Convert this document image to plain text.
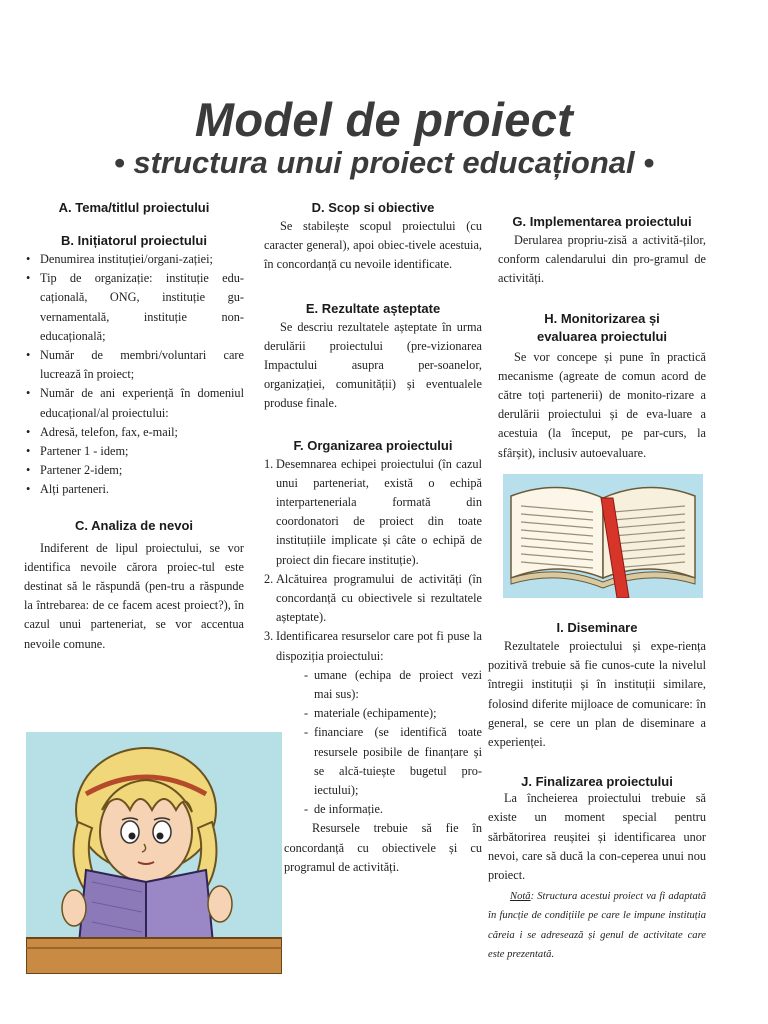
Model de proiect
• structura unui proiect educațional •

A. Tema/titlul proiectului

B. Inițiatorul proiectului

• Denumirea instituției/organi-zației;
• Tip de organizație: instituție edu-cațională, ONG, instituție gu-vernamentală, instituție non-educațională;
• Număr de membri/voluntari care lucrează în proiect;
• Număr de ani experiență în domeniul educațional/al proiectului:
• Adresă, telefon, fax, e-mail;
• Partener 1 - idem;
• Partener 2-idem;
• Alți parteneri.

C. Analiza de nevoi

Indiferent de lipul proiectului, se vor identifica nevoile cărora proiec-tul este destinat să le răspundă (pen-tru a răspunde la întrebarea: de ce facem acest proiect?), în cazul unui parteneriat, se vor accentua nevoile comune.

D. Scop si obiective

Se stabilește scopul proiectului (cu caracter general), apoi obiec-tivele acestuia, în concordanță cu nevoile identificate.

E. Rezultate așteptate

Se descriu rezultatele așteptate în urma derulării proiectului (pre-vizionarea Impactului asupra per-soanelor, organizației, comunității) și eventualele produse finale.

F. Organizarea proiectului

1. Desemnarea echipei proiectului (în cazul unui parteneriat, există o echipă interparteneriala formată din coordonatori de proiect din toate instituțiile implicate și câte o echipă de proiect din fiecare instituție).
2. Alcătuirea programului de activități (în concordanță cu obiectivele si rezultatele așteptate).
3. Identificarea resurselor care pot fi puse la dispoziția proiectului:
- umane (echipa de proiect vezi mai sus):
- materiale (echipamente);
- financiare (se identifică toate resursele posibile de finanțare și se alcă-tuiește bugetul pro-iectului);
- de informație.

Resursele trebuie să fie în concordanță cu obiectivele și cu programul de activități.

G. Implementarea proiectului

Derularea propriu-zisă a activită-ților, conform calendarului din pro-gramul de activități.

H. Monitorizarea și

evaluarea proiectului

Se vor concepe și pune în practică mecanisme (agreate de comun acord de către toți partenerii) de monito-rizare a derulării proiectului și de eva-luare a acestuia (la început, pe par-curs, la sfârșit), inclusiv autoevaluare.

I. Diseminare

Rezultatele proiectului și expe-riența pozitivă trebuie să fie cunos-cute la nivelul întregii instituții și în instituții similare, folosind diferite mijloace de comunicare: în general, se cere un plan de diseminare a experienței.

J. Finalizarea proiectului

La încheierea proiectului trebuie să existe un moment special pentru sărbătorirea reușitei și identificarea unor nevoi, care să ducă la con-ceperea unui nou proiect.

Notă: Structura acestui proiect va fi adaptată în funcție de condițiile pe care le impune instituția căreia i se adresează și genul de activitate care este prezentată.
